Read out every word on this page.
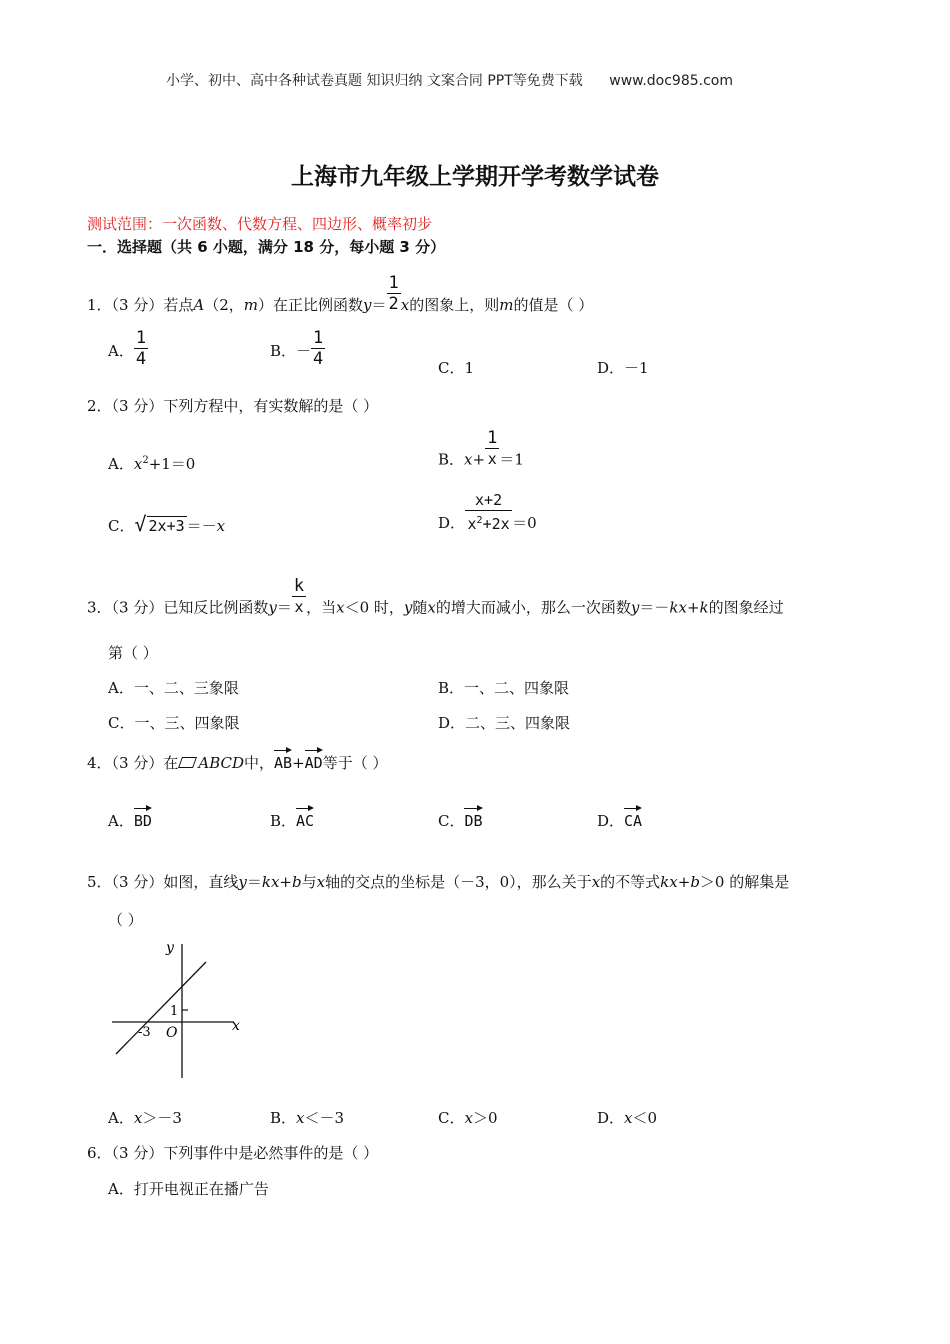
小学、初中、高中各种试卷真题 知识归纳 文案合同 PPT等免费下载 www.doc985.com
上海市九年级上学期开学考数学试卷
测试范围：一次函数、代数方程、四边形、概率初步
一．选择题（共 6 小题，满分 18 分，每小题 3 分）
1．（3 分）若点A（2，m）在正比例函数$y= \frac{1}{2}$ x的图象上，则m的值是（ ）
A． $\frac{1}{4}$	B．－ $\frac{1}{4}$	C．1	D．－1
2．（3 分）下列方程中，有实数解的是（ ）
A．$x^2+1=0$	B．$x+ \frac{1}{x} =1$
C．√ 2x+3 ＝－x	D． $\frac{x+2}{x^2+2x} =0$
3．（3 分）已知反比例函数$y= \frac{k}{x}$ ，当x＜0 时，y随x的增大而减小，那么一次函数y＝－kx+k的图象经过
第（ ）
A．一、二、三象限	B．一、二、四象限
C．一、三、四象限	D．二、三、四象限
4．（3 分）在 ABCD中，AB+AD等于（ ）
A．BD	B．AC	C．DB	D．CA
5．（3 分）如图，直线y＝kx+b与x轴的交点的坐标是（－3，0），那么关于x的不等式kx+b＞0 的解集是
（ ）
y
x
O
1
-3
A．x＞－3	B．x＜－3	C．x＞0	D．x＜0
6．（3 分）下列事件中是必然事件的是（ ）
A．打开电视正在播广告
